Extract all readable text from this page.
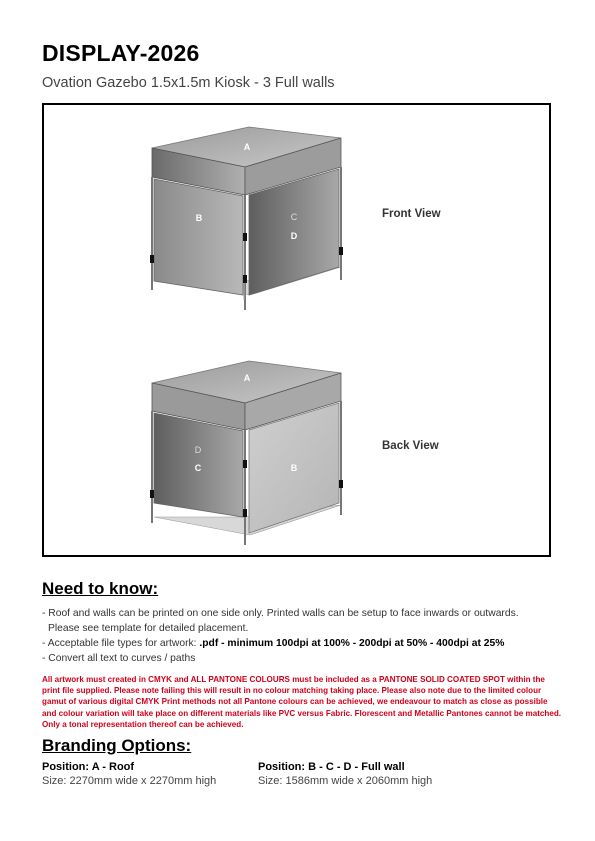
DISPLAY-2026
Ovation Gazebo 1.5x1.5m Kiosk - 3 Full walls
A
B	C
D
A
D
C	B
Front View
Back View
Need to know:
- Roof and walls can be printed on one side only. Printed walls can be setup to face inwards or outwards.
Please see template for detailed placement.
- Acceptable file types for artwork: .pdf - minimum 100dpi at 100% - 200dpi at 50% - 400dpi at 25%
- Convert all text to curves / paths
All artwork must created in CMYK and ALL PANTONE COLOURS must be included as a PANTONE SOLID COATED SPOT within the print file supplied. Please note failing this will result in no colour matching taking place. Please also note due to the limited colour gamut of various digital CMYK Print methods not all Pantone colours can be achieved, we endeavour to match as close as possible and colour variation will take place on different materials like PVC versus Fabric. Florescent and Metallic Pantones cannot be matched. Only a tonal representation thereof can be achieved.
Branding Options:
Position: A - Roof
Size: 2270mm wide x 2270mm high
Position: B - C - D - Full wall
Size: 1586mm wide x 2060mm high
